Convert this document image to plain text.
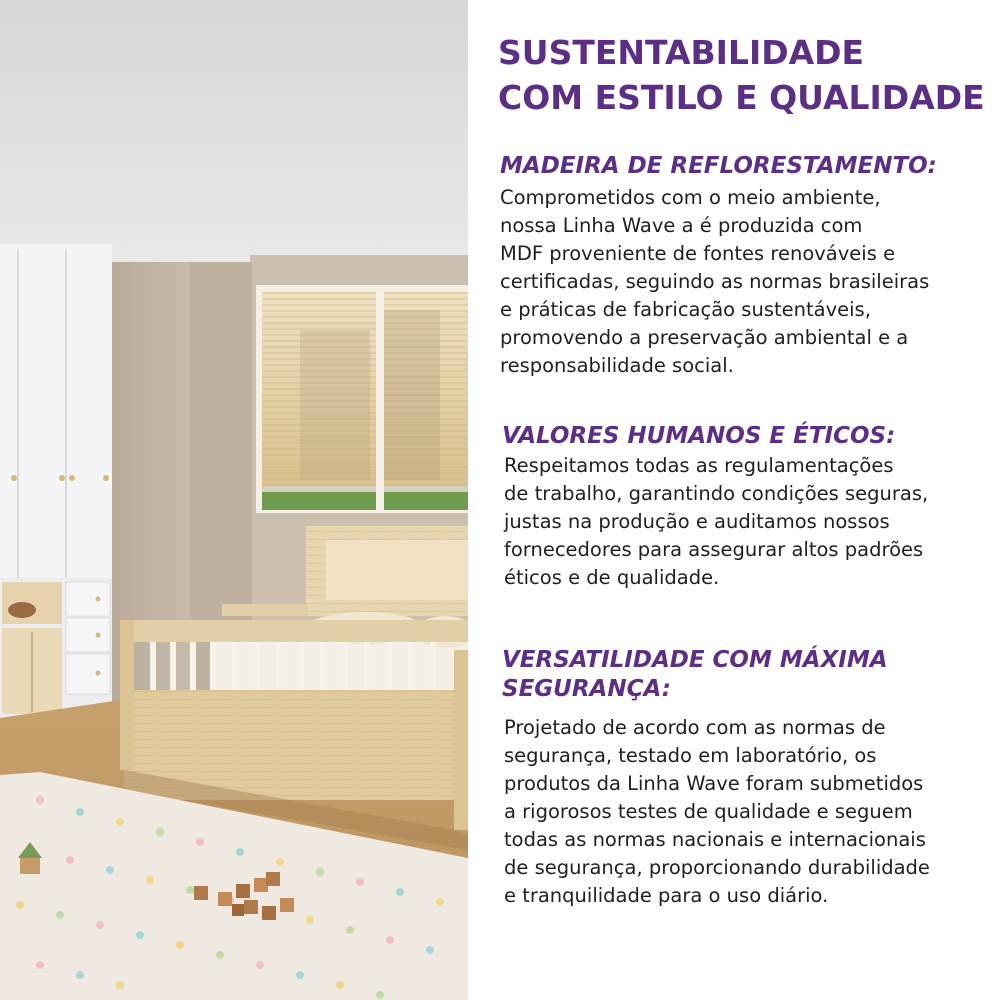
SUSTENTABILIDADE
COM ESTILO E QUALIDADE
MADEIRA DE REFLORESTAMENTO:
Comprometidos com o meio ambiente,
nossa Linha Wave a é produzida com
MDF proveniente de fontes renováveis e
certificadas, seguindo as normas brasileiras
e práticas de fabricação sustentáveis,
promovendo a preservação ambiental e a
responsabilidade social.
VALORES HUMANOS E ÉTICOS:
Respeitamos todas as regulamentações
de trabalho, garantindo condições seguras,
justas na produção e auditamos nossos
fornecedores para assegurar altos padrões
éticos e de qualidade.
VERSATILIDADE COM MÁXIMA
SEGURANÇA:
Projetado de acordo com as normas de
segurança, testado em laboratório, os
produtos da Linha Wave foram submetidos
a rigorosos testes de qualidade e seguem
todas as normas nacionais e internacionais
de segurança, proporcionando durabilidade
e tranquilidade para o uso diário.
